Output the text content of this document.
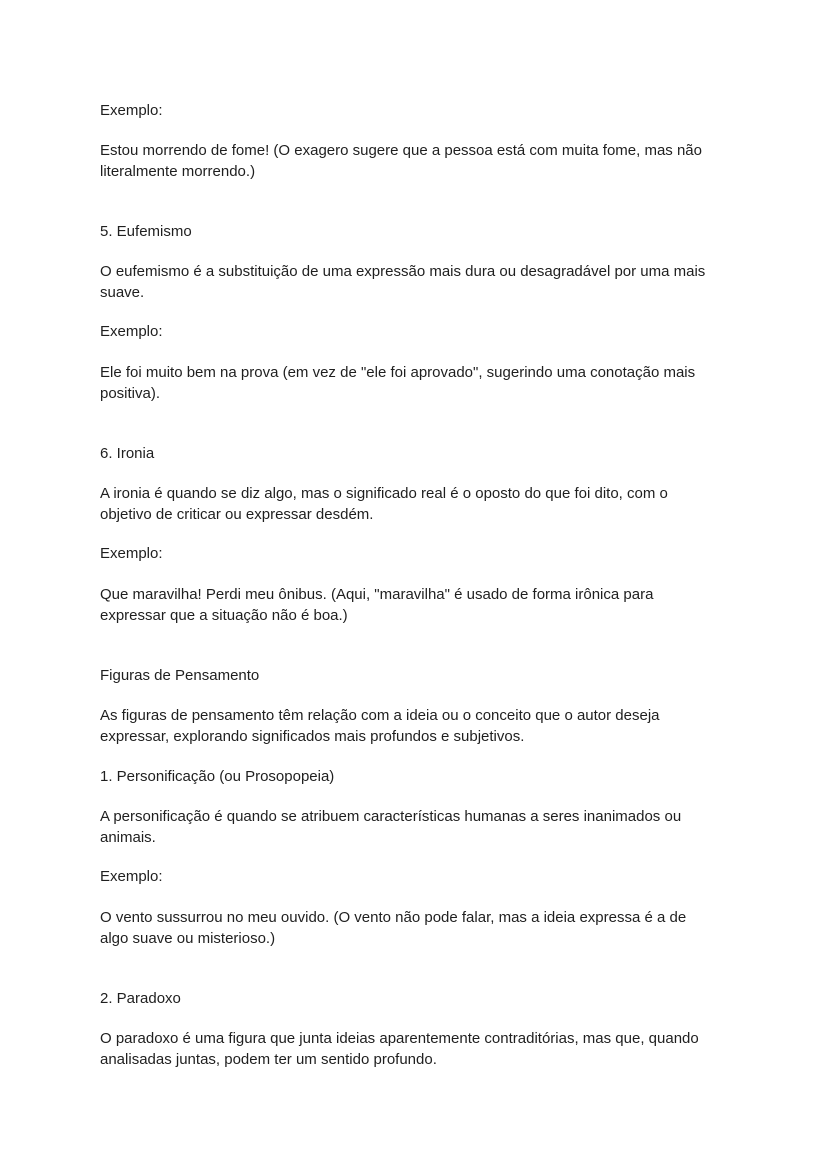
Exemplo:

Estou morrendo de fome! (O exagero sugere que a pessoa está com muita fome, mas não literalmente morrendo.)

5. Eufemismo

O eufemismo é a substituição de uma expressão mais dura ou desagradável por uma mais suave.

Exemplo:

Ele foi muito bem na prova (em vez de "ele foi aprovado", sugerindo uma conotação mais positiva).

6. Ironia

A ironia é quando se diz algo, mas o significado real é o oposto do que foi dito, com o objetivo de criticar ou expressar desdém.

Exemplo:

Que maravilha! Perdi meu ônibus. (Aqui, "maravilha" é usado de forma irônica para expressar que a situação não é boa.)

Figuras de Pensamento

As figuras de pensamento têm relação com a ideia ou o conceito que o autor deseja expressar, explorando significados mais profundos e subjetivos.

1. Personificação (ou Prosopopeia)

A personificação é quando se atribuem características humanas a seres inanimados ou animais.

Exemplo:

O vento sussurrou no meu ouvido. (O vento não pode falar, mas a ideia expressa é a de algo suave ou misterioso.)

2. Paradoxo

O paradoxo é uma figura que junta ideias aparentemente contraditórias, mas que, quando analisadas juntas, podem ter um sentido profundo.
